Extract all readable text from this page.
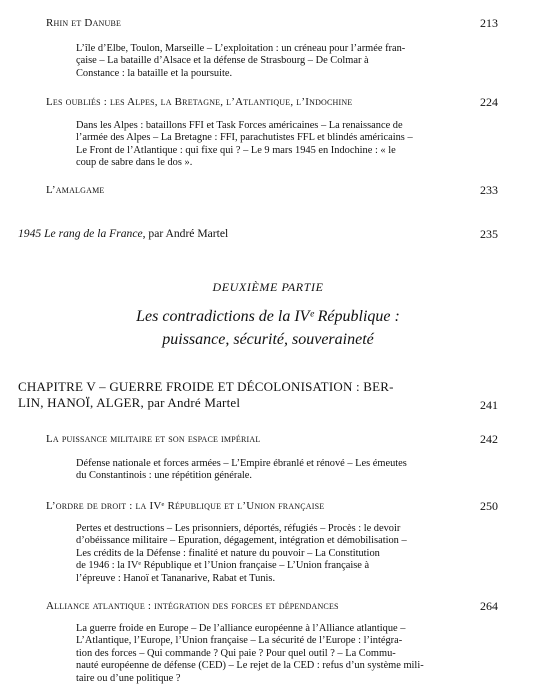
Rhin et Danube	213
L’île d’Elbe, Toulon, Marseille – L’exploitation : un créneau pour l’armée fran-
çaise – La bataille d’Alsace et la défense de Strasbourg – De Colmar à
Constance : la bataille et la poursuite.
Les oubliés : les Alpes, la Bretagne, l’Atlantique, l’Indochine	224
Dans les Alpes : bataillons FFI et Task Forces américaines – La renaissance de
l’armée des Alpes – La Bretagne : FFI, parachutistes FFL et blindés américains –
Le Front de l’Atlantique : qui fixe qui ? – Le 9 mars 1945 en Indochine : « le
coup de sabre dans le dos ».
L’amalgame	233
1945 Le rang de la France, par André Martel	235
DEUXIÈME PARTIE
Les contradictions de la IVᵉ République :
puissance, sécurité, souveraineté
CHAPITRE V – GUERRE FROIDE ET DÉCOLONISATION : BER-
LIN, HANOÏ, ALGER, par André Martel	241
La puissance militaire et son espace impérial	242
Défense nationale et forces armées – L’Empire ébranlé et rénové – Les émeutes
du Constantinois : une répétition générale.
L’ordre de droit : la IVᵉ République et l’Union française	250
Pertes et destructions – Les prisonniers, déportés, réfugiés – Procès : le devoir
d’obéissance militaire – Epuration, dégagement, intégration et démobilisation –
Les crédits de la Défense : finalité et nature du pouvoir – La Constitution
de 1946 : la IVᵉ République et l’Union française – L’Union française à
l’épreuve : Hanoï et Tananarive, Rabat et Tunis.
Alliance atlantique : intégration des forces et dépendances	264
La guerre froide en Europe – De l’alliance européenne à l’Alliance atlantique –
L’Atlantique, l’Europe, l’Union française – La sécurité de l’Europe : l’intégra-
tion des forces – Qui commande ? Qui paie ? Pour quel outil ? – La Commu-
nauté européenne de défense (CED) – Le rejet de la CED : refus d’un système mili-
taire ou d’une politique ?
